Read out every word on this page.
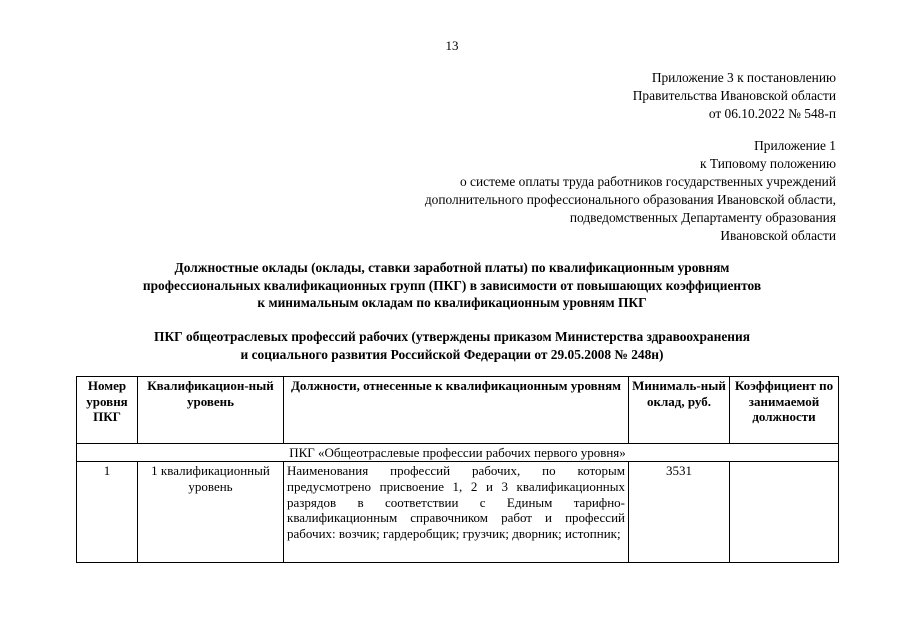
13
Приложение 3 к постановлению
Правительства Ивановской области
от 06.10.2022 № 548-п
Приложение 1
к Типовому положению
о системе оплаты труда работников государственных учреждений
дополнительного профессионального образования Ивановской области,
подведомственных Департаменту образования
Ивановской области
Должностные оклады (оклады, ставки заработной платы) по квалификационным уровням
профессиональных квалификационных групп (ПКГ) в зависимости от повышающих коэффициентов
к минимальным окладам по квалификационным уровням ПКГ
ПКГ общеотраслевых профессий рабочих (утверждены приказом Министерства здравоохранения
и социального развития Российской Федерации от 29.05.2008 № 248н)
Номер уровня ПКГ	Квалификацион-ный уровень	Должности, отнесенные к квалификационным уровням	Минималь-ный оклад, руб.	Коэффициент по занимаемой должности
ПКГ «Общеотраслевые профессии рабочих первого уровня»				
1	1 квалификационный уровень	Наименования профессий рабочих, по которым предусмотрено присвоение 1, 2 и 3 квалификационных разрядов в соответствии с Единым тарифно-квалификационным справочником работ и профессий рабочих: возчик; гардеробщик; грузчик; дворник; истопник;	3531	
